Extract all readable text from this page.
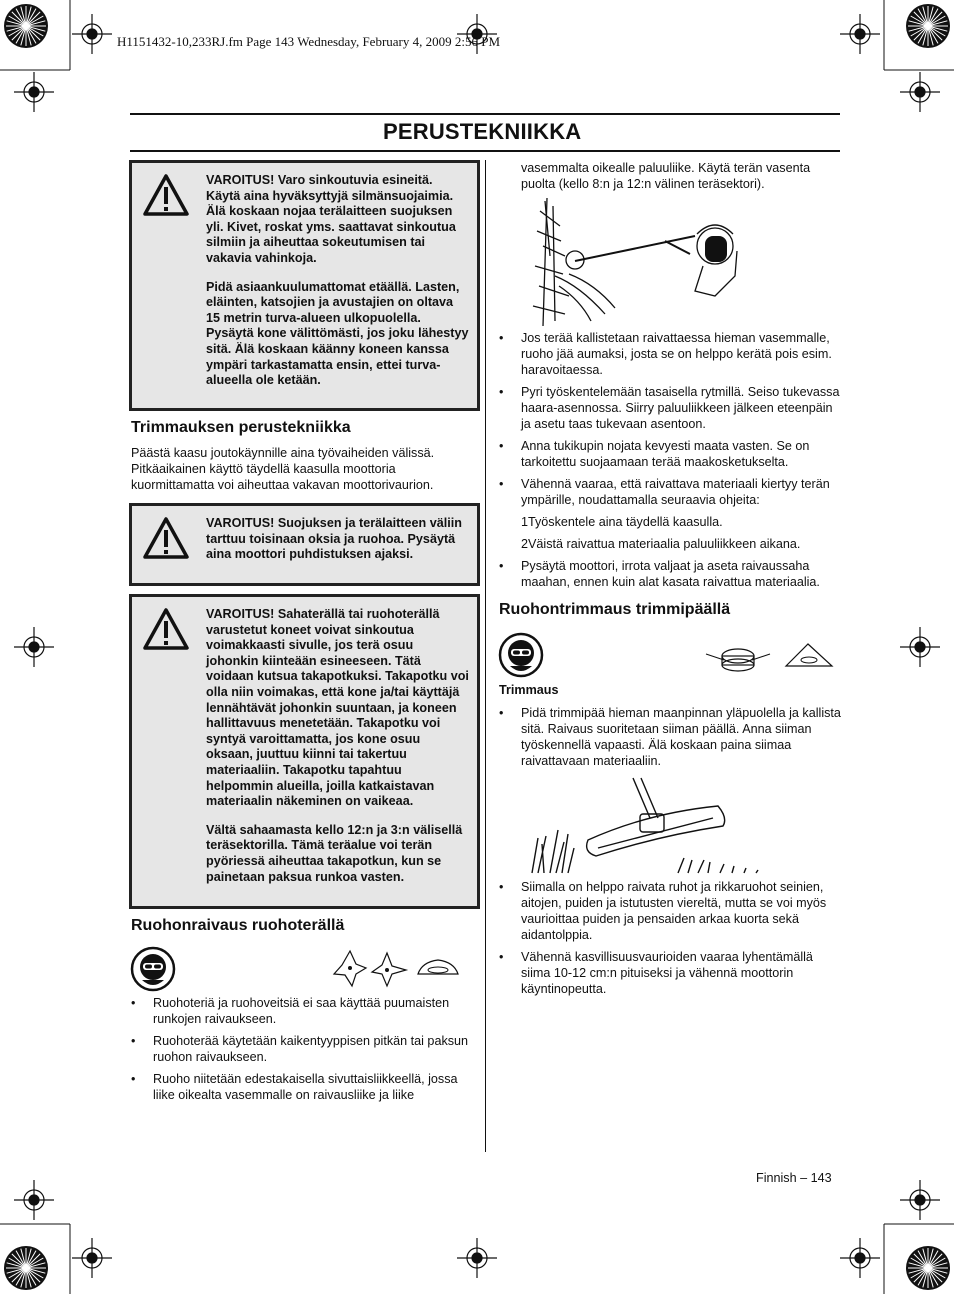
H1151432-10,233RJ.fm Page 143 Wednesday, February 4, 2009 2:56 PM
PERUSTEKNIIKKA

VAROITUS! Varo sinkoutuvia esineitä. Käytä aina hyväksyttyjä silmänsuojaimia. Älä koskaan nojaa terälaitteen suojuksen yli. Kivet, roskat yms. saattavat sinkoutua silmiin ja aiheuttaa sokeutumisen tai vakavia vahinkoja.

Pidä asiaankuulumattomat etäällä. Lasten, eläinten, katsojien ja avustajien on oltava 15 metrin turva-alueen ulkopuolella. Pysäytä kone välittömästi, jos joku lähestyy sitä. Älä koskaan käänny koneen kanssa ympäri tarkastamatta ensin, ettei turva-alueella ole ketään.

Trimmauksen perustekniikka
Päästä kaasu joutokäynnille aina työvaiheiden välissä. Pitkäaikainen käyttö täydellä kaasulla moottoria kuormittamatta voi aiheuttaa vakavan moottorivaurion.

VAROITUS! Suojuksen ja terälaitteen väliin tarttuu toisinaan oksia ja ruohoa. Pysäytä aina moottori puhdistuksen ajaksi.

VAROITUS! Sahaterällä tai ruohoterällä varustetut koneet voivat sinkoutua voimakkaasti sivulle, jos terä osuu johonkin kiinteään esineeseen. Tätä voidaan kutsua takapotkuksi. Takapotku voi olla niin voimakas, että kone ja/tai käyttäjä lennähtävät johonkin suuntaan, ja koneen hallittavuus menetetään. Takapotku voi syntyä varoittamatta, jos kone osuu oksaan, juuttuu kiinni tai takertuu materiaaliin. Takapotku tapahtuu helpommin alueilla, joilla katkaistavan materiaalin näkeminen on vaikeaa.

Vältä sahaamasta kello 12:n ja 3:n välisellä teräsektorilla. Tämä teräalue voi terän pyöriessä aiheuttaa takapotkun, kun se painetaan paksua runkoa vasten.

Ruohonraivaus ruohoterällä
• Ruohoteriä ja ruohoveitsiä ei saa käyttää puumaisten runkojen raivaukseen.
• Ruohoterää käytetään kaikentyyppisen pitkän tai paksun ruohon raivaukseen.
• Ruoho niitetään edestakaisella sivuttaisliikkeellä, jossa liike oikealta vasemmalle on raivausliike ja liike
vasemmalta oikealle paluuliike. Käytä terän vasenta puolta (kello 8:n ja 12:n välinen teräsektori).
• Jos terää kallistetaan raivattaessa hieman vasemmalle, ruoho jää aumaksi, josta se on helppo kerätä pois esim. haravoitaessa.
• Pyri työskentelemään tasaisella rytmillä. Seiso tukevassa haara-asennossa. Siirry paluuliikkeen jälkeen eteenpäin ja asetu taas tukevaan asentoon.
• Anna tukikupin nojata kevyesti maata vasten. Se on tarkoitettu suojaamaan terää maakosketukselta.
• Vähennä vaaraa, että raivattava materiaali kiertyy terän ympärille, noudattamalla seuraavia ohjeita:
1Työskentele aina täydellä kaasulla.
2Väistä raivattua materiaalia paluuliikkeen aikana.
• Pysäytä moottori, irrota valjaat ja aseta raivaussaha maahan, ennen kuin alat kasata raivattua materiaalia.
Ruohontrimmaus trimmipäällä
Trimmaus
• Pidä trimmipää hieman maanpinnan yläpuolella ja kallista sitä. Raivaus suoritetaan siiman päällä. Anna siiman työskennellä vapaasti. Älä koskaan paina siimaa raivattavaan materiaaliin.
• Siimalla on helppo raivata ruhot ja rikkaruohot seinien, aitojen, puiden ja istutusten viereltä, mutta se voi myös vaurioittaa puiden ja pensaiden arkaa kuorta sekä aidantolppia.
• Vähennä kasvillisuusvaurioiden vaaraa lyhentämällä siima 10-12 cm:n pituiseksi ja vähennä moottorin käyntinopeutta.
Finnish – 143
